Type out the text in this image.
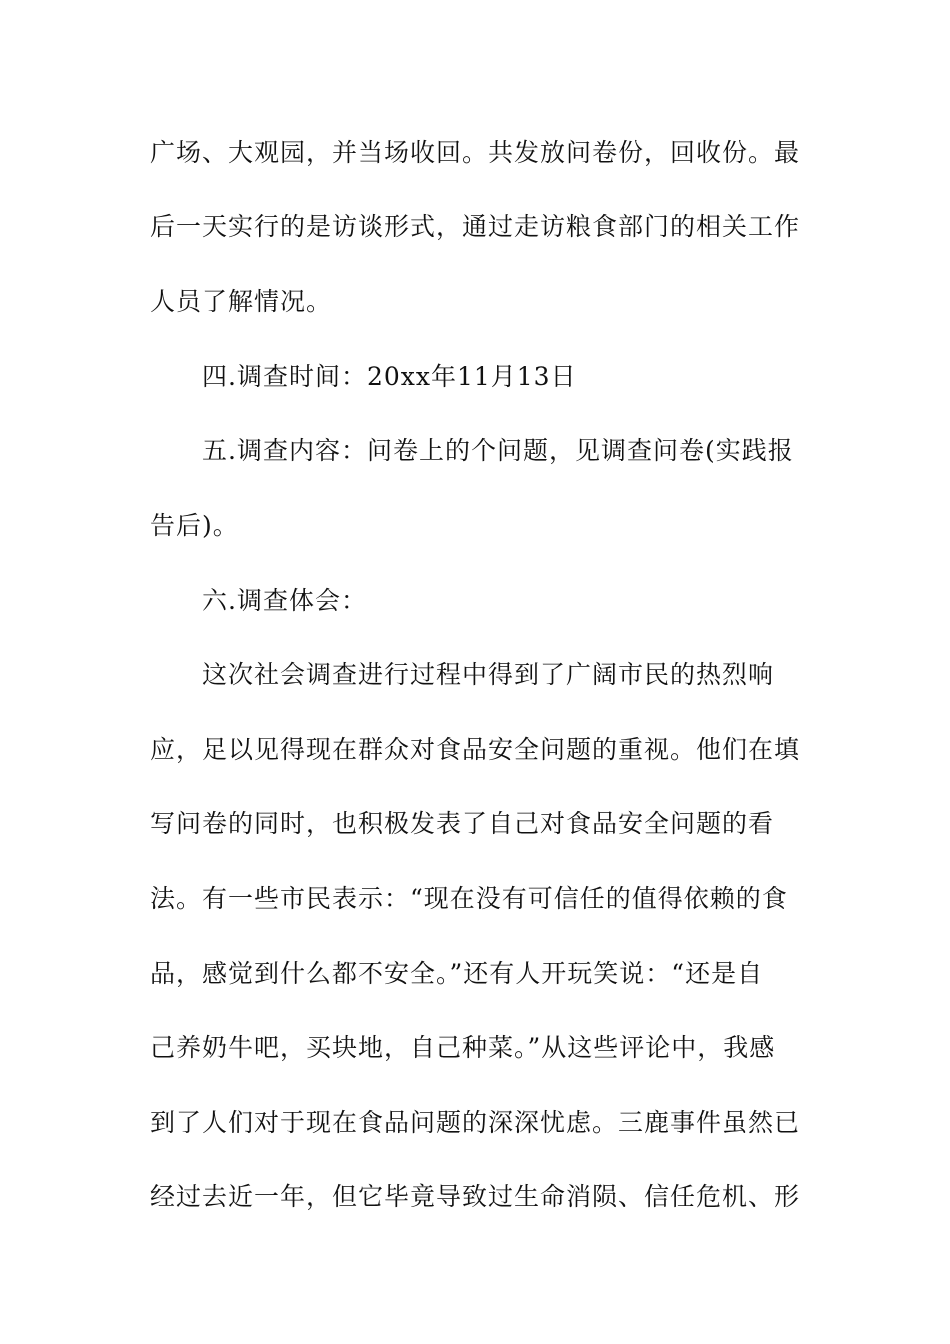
广场、大观园，并当场收回。共发放问卷份，回收份。最
后一天实行的是访谈形式，通过走访粮食部门的相关工作
人员了解情况。
四.调查时间：20xx年11月13日
五.调查内容：问卷上的个问题，见调查问卷(实践报
告后)。
六.调查体会：
这次社会调查进行过程中得到了广阔市民的热烈响
应，足以见得现在群众对食品安全问题的重视。他们在填
写问卷的同时，也积极发表了自己对食品安全问题的看
法。有一些市民表示：“现在没有可信任的值得依赖的食
品，感觉到什么都不安全。”还有人开玩笑说：“还是自
己养奶牛吧，买块地，自己种菜。”从这些评论中，我感
到了人们对于现在食品问题的深深忧虑。三鹿事件虽然已
经过去近一年，但它毕竟导致过生命消陨、信任危机、形
